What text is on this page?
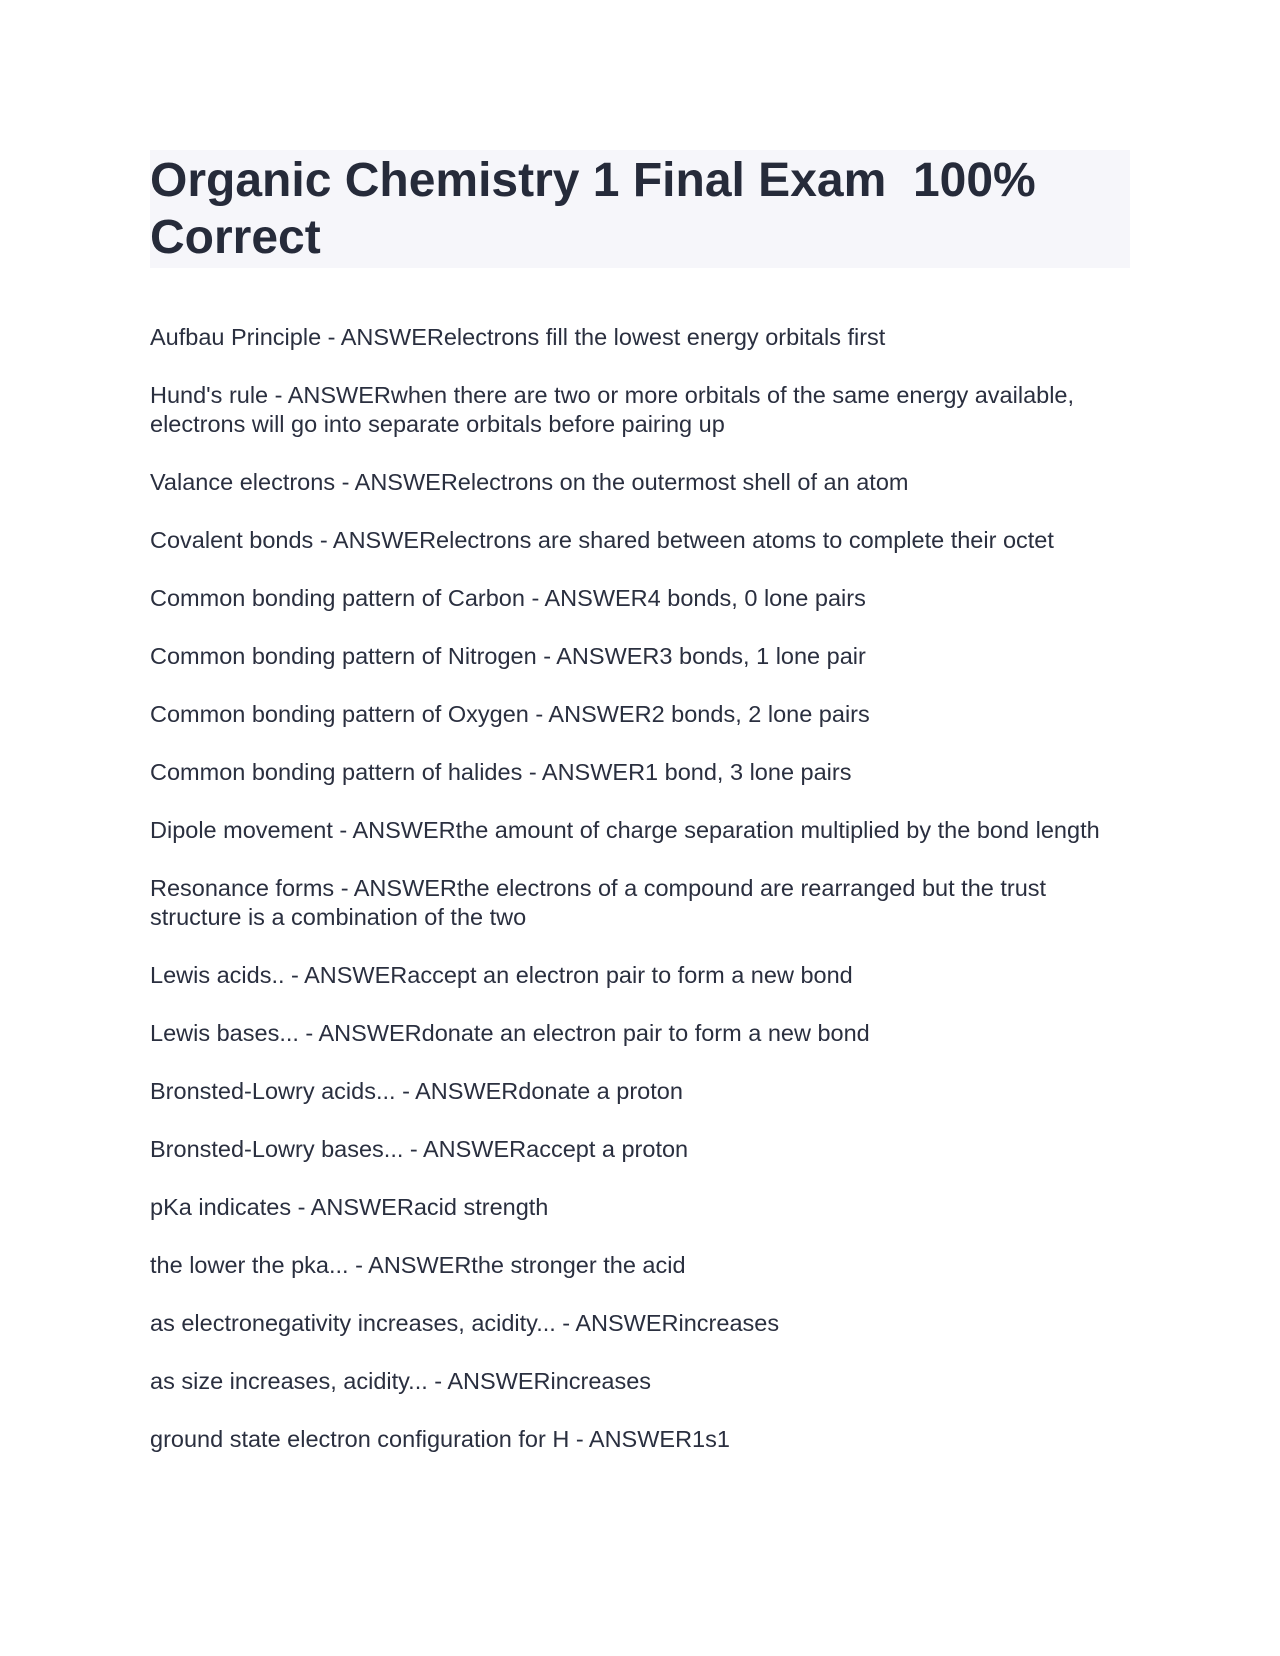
Organic Chemistry 1 Final Exam  100% Correct

Aufbau Principle - ANSWERelectrons fill the lowest energy orbitals first

Hund's rule - ANSWERwhen there are two or more orbitals of the same energy available, electrons will go into separate orbitals before pairing up

Valance electrons - ANSWERelectrons on the outermost shell of an atom

Covalent bonds - ANSWERelectrons are shared between atoms to complete their octet

Common bonding pattern of Carbon - ANSWER4 bonds, 0 lone pairs

Common bonding pattern of Nitrogen - ANSWER3 bonds, 1 lone pair

Common bonding pattern of Oxygen - ANSWER2 bonds, 2 lone pairs

Common bonding pattern of halides - ANSWER1 bond, 3 lone pairs

Dipole movement - ANSWERthe amount of charge separation multiplied by the bond length

Resonance forms - ANSWERthe electrons of a compound are rearranged but the trust structure is a combination of the two

Lewis acids.. - ANSWERaccept an electron pair to form a new bond

Lewis bases... - ANSWERdonate an electron pair to form a new bond

Bronsted-Lowry acids... - ANSWERdonate a proton

Bronsted-Lowry bases... - ANSWERaccept a proton

pKa indicates - ANSWERacid strength

the lower the pka... - ANSWERthe stronger the acid

as electronegativity increases, acidity... - ANSWERincreases

as size increases, acidity... - ANSWERincreases

ground state electron configuration for H - ANSWER1s1
